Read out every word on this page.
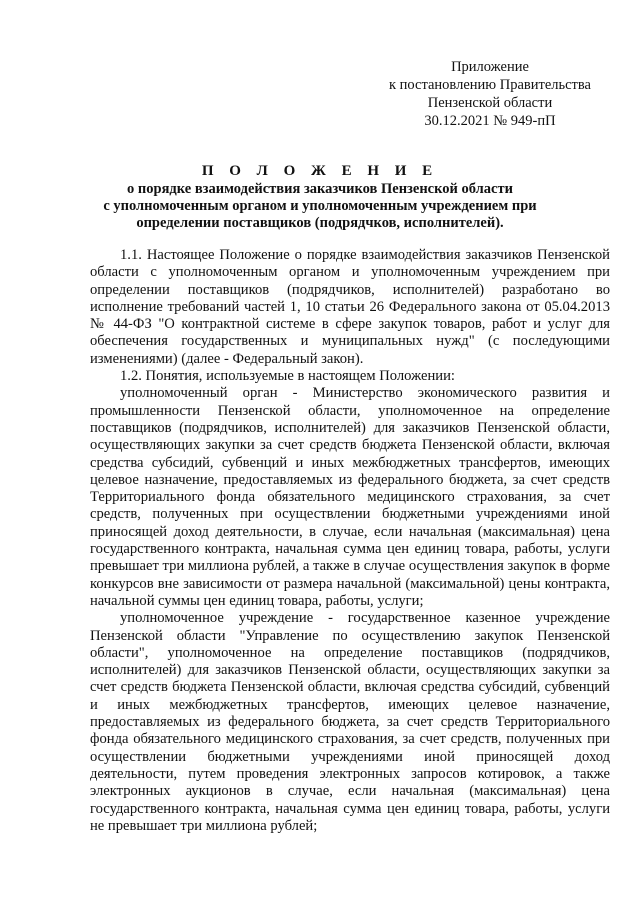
Приложение
к постановлению Правительства
Пензенской области
30.12.2021 № 949-пП
П О Л О Ж Е Н И Е
о порядке взаимодействия заказчиков Пензенской области
с уполномоченным органом и уполномоченным учреждением при
определении поставщиков (подрядчков, исполнителей).

1.1. Настоящее Положение о порядке взаимодействия заказчиков Пензенской области с уполномоченным органом и уполномоченным учреждением при определении поставщиков (подрядчиков, исполнителей) разработано во исполнение требований частей 1, 10 статьи 26 Федерального закона от 05.04.2013 № 44-ФЗ "О контрактной системе в сфере закупок товаров, работ и услуг для обеспечения государственных и муниципальных нужд" (с последующими изменениями) (далее - Федеральный закон).

1.2. Понятия, используемые в настоящем Положении:

уполномоченный орган - Министерство экономического развития и промышленности Пензенской области, уполномоченное на определение поставщиков (подрядчиков, исполнителей) для заказчиков Пензенской области, осуществляющих закупки за счет средств бюджета Пензенской области, включая средства субсидий, субвенций и иных межбюджетных трансфертов, имеющих целевое назначение, предоставляемых из федерального бюджета, за счет средств Территориального фонда обязательного медицинского страхования, за счет средств, полученных при осуществлении бюджетными учреждениями иной приносящей доход деятельности, в случае, если начальная (максимальная) цена государственного контракта, начальная сумма цен единиц товара, работы, услуги превышает три миллиона рублей, а также в случае осуществления закупок в форме конкурсов вне зависимости от размера начальной (максимальной) цены контракта, начальной суммы цен единиц товара, работы, услуги;

уполномоченное учреждение - государственное казенное учреждение Пензенской области "Управление по осуществлению закупок Пензенской области", уполномоченное на определение поставщиков (подрядчиков, исполнителей) для заказчиков Пензенской области, осуществляющих закупки за счет средств бюджета Пензенской области, включая средства субсидий, субвенций и иных межбюджетных трансфертов, имеющих целевое назначение, предоставляемых из федерального бюджета, за счет средств Территориального фонда обязательного медицинского страхования, за счет средств, полученных при осуществлении бюджетными учреждениями иной приносящей доход деятельности, путем проведения электронных запросов котировок, а также электронных аукционов в случае, если начальная (максимальная) цена государственного контракта, начальная сумма цен единиц товара, работы, услуги не превышает три миллиона рублей;
